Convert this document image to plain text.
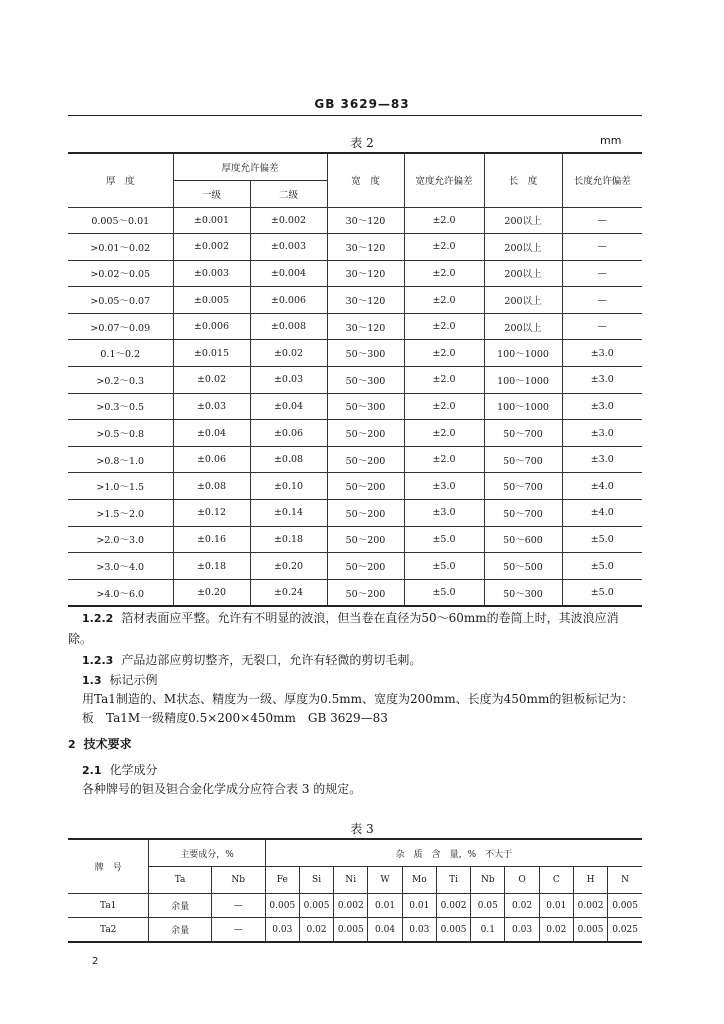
GB 3629—83
表 2	mm
厚　度	厚度允许偏差		宽　度	宽度允许偏差	长　度	长度允许偏差
	一级	二级				
0.005～0.01	±0.001	±0.002	30～120	±2.0	200以上	—
>0.01～0.02	±0.002	±0.003	30～120	±2.0	200以上	—
>0.02～0.05	±0.003	±0.004	30～120	±2.0	200以上	—
>0.05～0.07	±0.005	±0.006	30～120	±2.0	200以上	—
>0.07～0.09	±0.006	±0.008	30～120	±2.0	200以上	—
0.1～0.2	±0.015	±0.02	50～300	±2.0	100～1000	±3.0
>0.2～0.3	±0.02	±0.03	50～300	±2.0	100～1000	±3.0
>0.3～0.5	±0.03	±0.04	50～300	±2.0	100～1000	±3.0
>0.5～0.8	±0.04	±0.06	50～200	±2.0	50～700	±3.0
>0.8～1.0	±0.06	±0.08	50～200	±2.0	50～700	±3.0
>1.0～1.5	±0.08	±0.10	50～200	±3.0	50～700	±4.0
>1.5～2.0	±0.12	±0.14	50～200	±3.0	50～700	±4.0
>2.0～3.0	±0.16	±0.18	50～200	±5.0	50～600	±5.0
>3.0～4.0	±0.18	±0.20	50～200	±5.0	50～500	±5.0
>4.0～6.0	±0.20	±0.24	50～200	±5.0	50～300	±5.0
1.2.2 箔材表面应平整。允许有不明显的波浪，但当卷在直径为50～60mm的卷筒上时，其波浪应消除。
1.2.3 产品边部应剪切整齐，无裂口，允许有轻微的剪切毛刺。
1.3 标记示例
用Ta1制造的、M状态、精度为一级、厚度为0.5mm、宽度为200mm、长度为450mm的钽板标记为：
板　Ta1M一级精度0.5×200×450mm　GB 3629—83
2 技术要求
2.1 化学成分
各种牌号的钽及钽合金化学成分应符合表 3 的规定。
表 3
牌　号	主要成分，%		杂　质　含　量，%　不大于										
	Ta	Nb	Fe	Si	Ni	W	Mo	Ti	Nb	O	C	H	N
Ta1	余量	—	0.005	0.005	0.002	0.01	0.01	0.002	0.05	0.02	0.01	0.002	0.005
Ta2	余量	—	0.03	0.02	0.005	0.04	0.03	0.005	0.1	0.03	0.02	0.005	0.025
2
